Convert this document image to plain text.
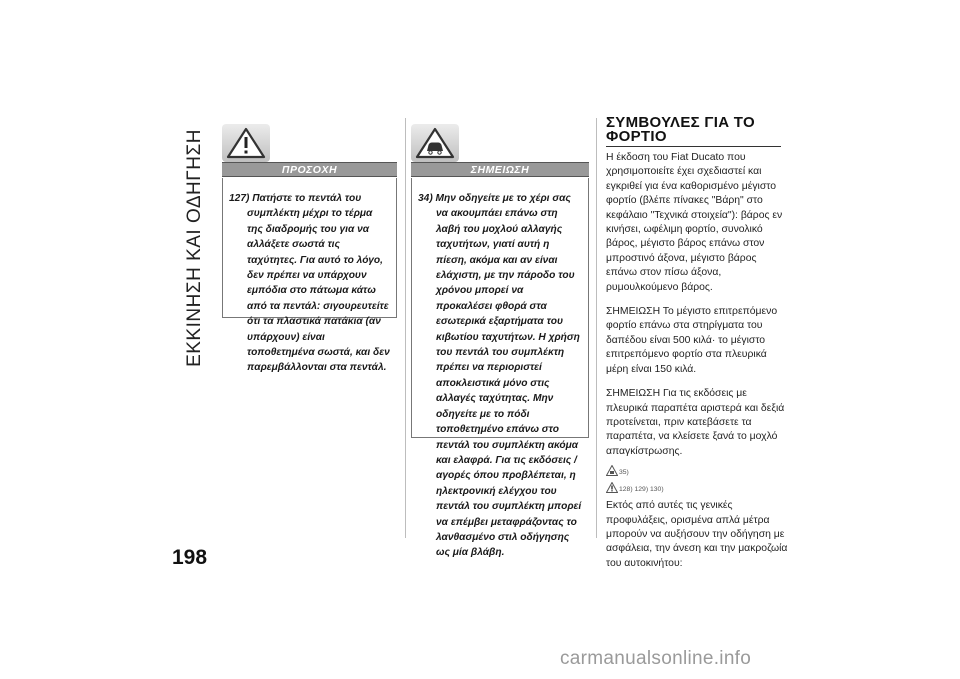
ΕΚΚΙΝΗΣΗ ΚΑΙ ΟΔΗΓΗΣΗ
198
ΠΡΟΣΟΧΗ

127) Πατήστε το πεντάλ του συμπλέκτη μέχρι το τέρμα της διαδρομής του για να αλλάξετε σωστά τις ταχύτητες. Για αυτό το λόγο, δεν πρέπει να υπάρχουν εμπόδια στο πάτωμα κάτω από τα πεντάλ: σιγουρευτείτε ότι τα πλαστικά πατάκια (αν υπάρχουν) είναι τοποθετημένα σωστά, και δεν παρεμβάλλονται στα πεντάλ.

ΣΗΜΕΙΩΣΗ

34) Μην οδηγείτε με το χέρι σας να ακουμπάει επάνω στη λαβή του μοχλού αλλαγής ταχυτήτων, γιατί αυτή η πίεση, ακόμα και αν είναι ελάχιστη, με την πάροδο του χρόνου μπορεί να προκαλέσει φθορά στα εσωτερικά εξαρτήματα του κιβωτίου ταχυτήτων. Η χρήση του πεντάλ του συμπλέκτη πρέπει να περιοριστεί αποκλειστικά μόνο στις αλλαγές ταχύτητας. Μην οδηγείτε με το πόδι τοποθετημένο επάνω στο πεντάλ του συμπλέκτη ακόμα και ελαφρά. Για τις εκδόσεις / αγορές όπου προβλέπεται, η ηλεκτρονική ελέγχου του πεντάλ του συμπλέκτη μπορεί να επέμβει μεταφράζοντας το λανθασμένο στιλ οδήγησης ως μία βλάβη.

ΣΥΜΒΟΥΛΕΣ ΓΙΑ ΤΟ ΦΟΡΤΙΟ

Η έκδοση του Fiat Ducato που χρησιμοποιείτε έχει σχεδιαστεί και εγκριθεί για ένα καθορισμένο μέγιστο φορτίο (βλέπε πίνακες "Βάρη" στο κεφάλαιο "Τεχνικά στοιχεία"): βάρος εν κινήσει, ωφέλιμη φορτίο, συνολικό βάρος, μέγιστο βάρος επάνω στον μπροστινό άξονα, μέγιστο βάρος επάνω στον πίσω άξονα, ρυμουλκούμενο βάρος.

ΣΗΜΕΙΩΣΗ Το μέγιστο επιτρεπόμενο φορτίο επάνω στα στηρίγματα του δαπέδου είναι 500 κιλά· το μέγιστο επιτρεπόμενο φορτίο στα πλευρικά μέρη είναι 150 κιλά.

ΣΗΜΕΙΩΣΗ Για τις εκδόσεις με πλευρικά παραπέτα αριστερά και δεξιά προτείνεται, πριν κατεβάσετε τα παραπέτα, να κλείσετε ξανά το μοχλό απαγκίστρωσης.

35)
128) 129) 130)

Εκτός από αυτές τις γενικές προφυλάξεις, ορισμένα απλά μέτρα μπορούν να αυξήσουν την οδήγηση με ασφάλεια, την άνεση και την μακροζωία του αυτοκινήτου:

carmanualsonline.info
